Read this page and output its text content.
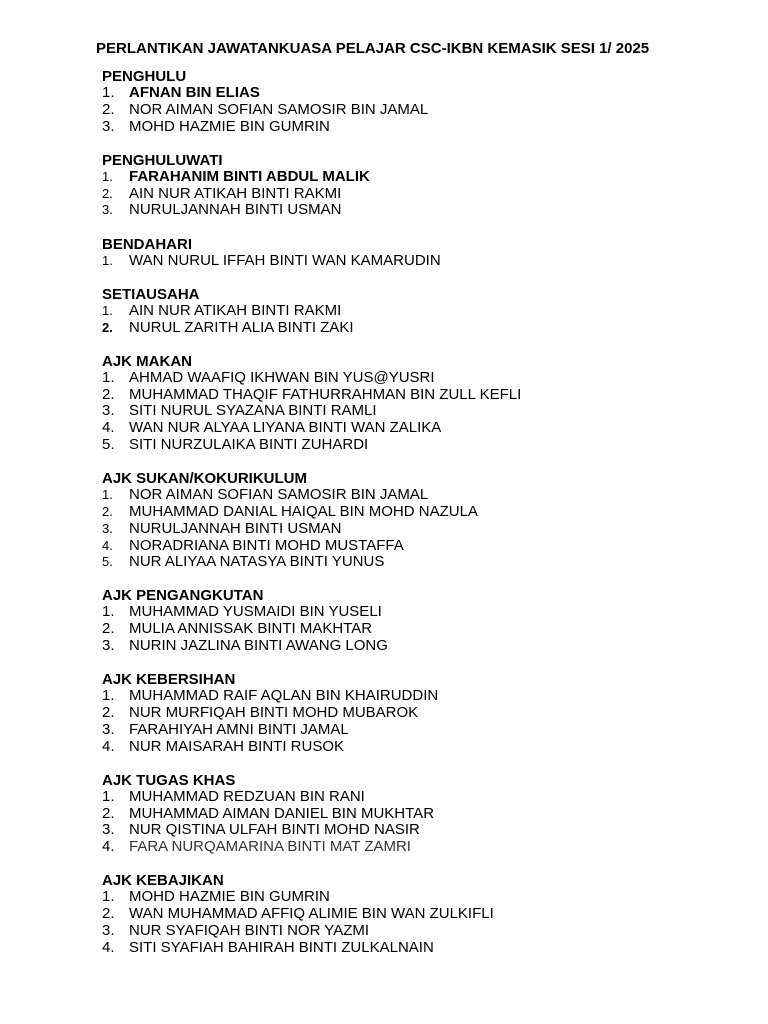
PERLANTIKAN JAWATANKUASA PELAJAR CSC-IKBN KEMASIK SESI 1/ 2025
PENGHULU
1. AFNAN BIN ELIAS
2. NOR AIMAN SOFIAN SAMOSIR BIN JAMAL
3. MOHD HAZMIE BIN GUMRIN
PENGHULUWATI
1. FARAHANIM BINTI ABDUL MALIK
2. AIN NUR ATIKAH BINTI RAKMI
3. NURULJANNAH BINTI USMAN
BENDAHARI
1. WAN NURUL IFFAH BINTI WAN KAMARUDIN
SETIAUSAHA
1. AIN NUR ATIKAH BINTI RAKMI
2. NURUL ZARITH ALIA BINTI ZAKI
AJK MAKAN
1. AHMAD WAAFIQ IKHWAN BIN YUS@YUSRI
2. MUHAMMAD THAQIF FATHURRAHMAN BIN ZULL KEFLI
3. SITI NURUL SYAZANA BINTI RAMLI
4. WAN NUR ALYAA LIYANA BINTI WAN ZALIKA
5. SITI NURZULAIKA BINTI ZUHARDI
AJK SUKAN/KOKURIKULUM
1. NOR AIMAN SOFIAN SAMOSIR BIN JAMAL
2. MUHAMMAD DANIAL HAIQAL BIN MOHD NAZULA
3. NURULJANNAH BINTI USMAN
4. NORADRIANA BINTI MOHD MUSTAFFA
5. NUR ALIYAA NATASYA BINTI YUNUS
AJK PENGANGKUTAN
1. MUHAMMAD YUSMAIDI BIN YUSELI
2. MULIA ANNISSAK BINTI MAKHTAR
3. NURIN JAZLINA BINTI AWANG LONG
AJK KEBERSIHAN
1. MUHAMMAD RAIF AQLAN BIN KHAIRUDDIN
2. NUR MURFIQAH BINTI MOHD MUBAROK
3. FARAHIYAH AMNI BINTI JAMAL
4. NUR MAISARAH BINTI RUSOK
AJK TUGAS KHAS
1. MUHAMMAD REDZUAN BIN RANI
2. MUHAMMAD AIMAN DANIEL BIN MUKHTAR
3. NUR QISTINA ULFAH BINTI MOHD NASIR
4. FARA NURQAMARINA BINTI MAT ZAMRI
AJK KEBAJIKAN
1. MOHD HAZMIE BIN GUMRIN
2. WAN MUHAMMAD AFFIQ ALIMIE BIN WAN ZULKIFLI
3. NUR SYAFIQAH BINTI NOR YAZMI
4. SITI SYAFIAH BAHIRAH BINTI ZULKALNAIN
